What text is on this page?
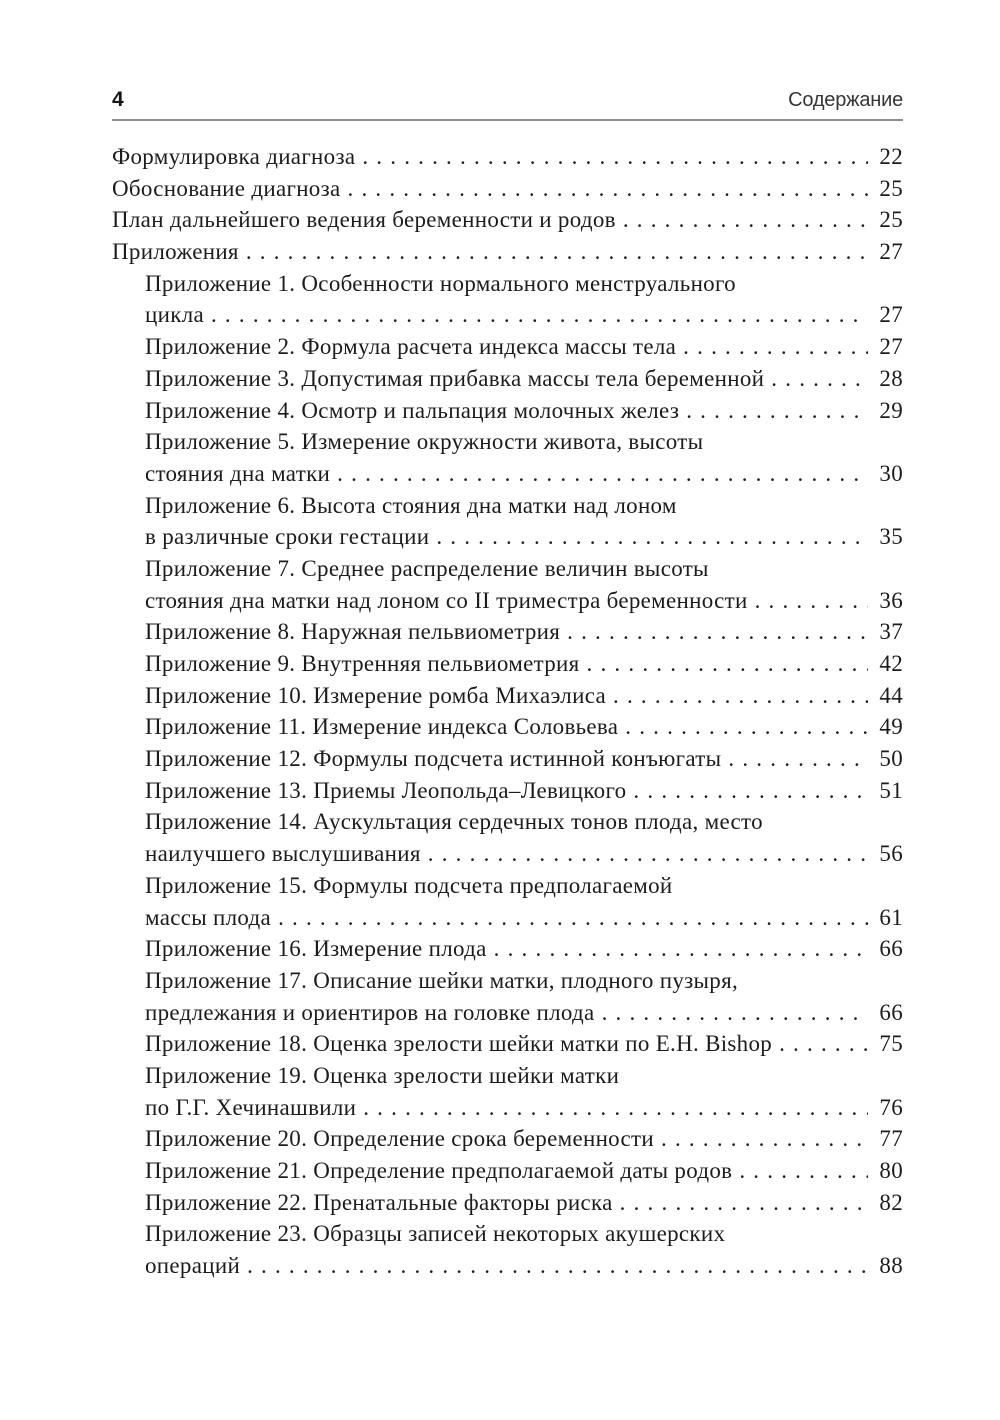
4	Содержание
Формулировка диагноза .....	22
Обоснование диагноза .....	25
План дальнейшего ведения беременности и родов .....	25
Приложения .....	27
Приложение 1. Особенности нормального менструального
цикла .....	27
Приложение 2. Формула расчета индекса массы тела .....	27
Приложение 3. Допустимая прибавка массы тела беременной .....	28
Приложение 4. Осмотр и пальпация молочных желез .....	29
Приложение 5. Измерение окружности живота, высоты
стояния дна матки .....	30
Приложение 6. Высота стояния дна матки над лоном
в различные сроки гестации .....	35
Приложение 7. Среднее распределение величин высоты
стояния дна матки над лоном со II триместра беременности .....	36
Приложение 8. Наружная пельвиометрия .....	37
Приложение 9. Внутренняя пельвиометрия .....	42
Приложение 10. Измерение ромба Михаэлиса .....	44
Приложение 11. Измерение индекса Соловьева .....	49
Приложение 12. Формулы подсчета истинной конъюгаты .....	50
Приложение 13. Приемы Леопольда–Левицкого .....	51
Приложение 14. Аускультация сердечных тонов плода, место
наилучшего выслушивания .....	56
Приложение 15. Формулы подсчета предполагаемой
массы плода .....	61
Приложение 16. Измерение плода .....	66
Приложение 17. Описание шейки матки, плодного пузыря,
предлежания и ориентиров на головке плода .....	66
Приложение 18. Оценка зрелости шейки матки по E.H. Bishop .....	75
Приложение 19. Оценка зрелости шейки матки
по Г.Г. Хечинашвили .....	76
Приложение 20. Определение срока беременности .....	77
Приложение 21. Определение предполагаемой даты родов .....	80
Приложение 22. Пренатальные факторы риска .....	82
Приложение 23. Образцы записей некоторых акушерских
операций .....	88
